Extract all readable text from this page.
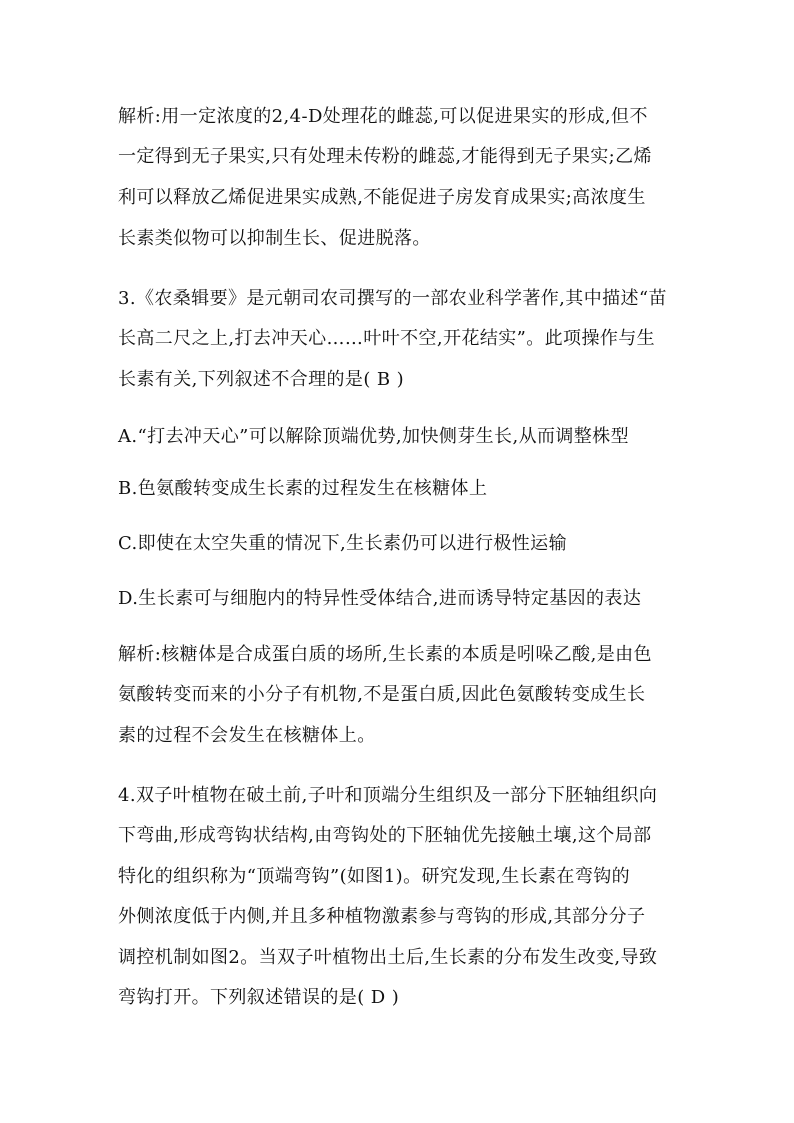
解析:用一定浓度的2,4-D处理花的雌蕊,可以促进果实的形成,但不
一定得到无子果实,只有处理未传粉的雌蕊,才能得到无子果实;乙烯
利可以释放乙烯促进果实成熟,不能促进子房发育成果实;高浓度生
长素类似物可以抑制生长、促进脱落。
3.《农桑辑要》是元朝司农司撰写的一部农业科学著作,其中描述“苗
长高二尺之上,打去冲天心……叶叶不空,开花结实”。此项操作与生
长素有关,下列叙述不合理的是( B )
A.“打去冲天心”可以解除顶端优势,加快侧芽生长,从而调整株型
B.色氨酸转变成生长素的过程发生在核糖体上
C.即使在太空失重的情况下,生长素仍可以进行极性运输
D.生长素可与细胞内的特异性受体结合,进而诱导特定基因的表达
解析:核糖体是合成蛋白质的场所,生长素的本质是吲哚乙酸,是由色
氨酸转变而来的小分子有机物,不是蛋白质,因此色氨酸转变成生长
素的过程不会发生在核糖体上。
4.双子叶植物在破土前,子叶和顶端分生组织及一部分下胚轴组织向
下弯曲,形成弯钩状结构,由弯钩处的下胚轴优先接触土壤,这个局部
特化的组织称为“顶端弯钩”(如图1)。研究发现,生长素在弯钩的
外侧浓度低于内侧,并且多种植物激素参与弯钩的形成,其部分分子
调控机制如图2。当双子叶植物出土后,生长素的分布发生改变,导致
弯钩打开。下列叙述错误的是( D )
